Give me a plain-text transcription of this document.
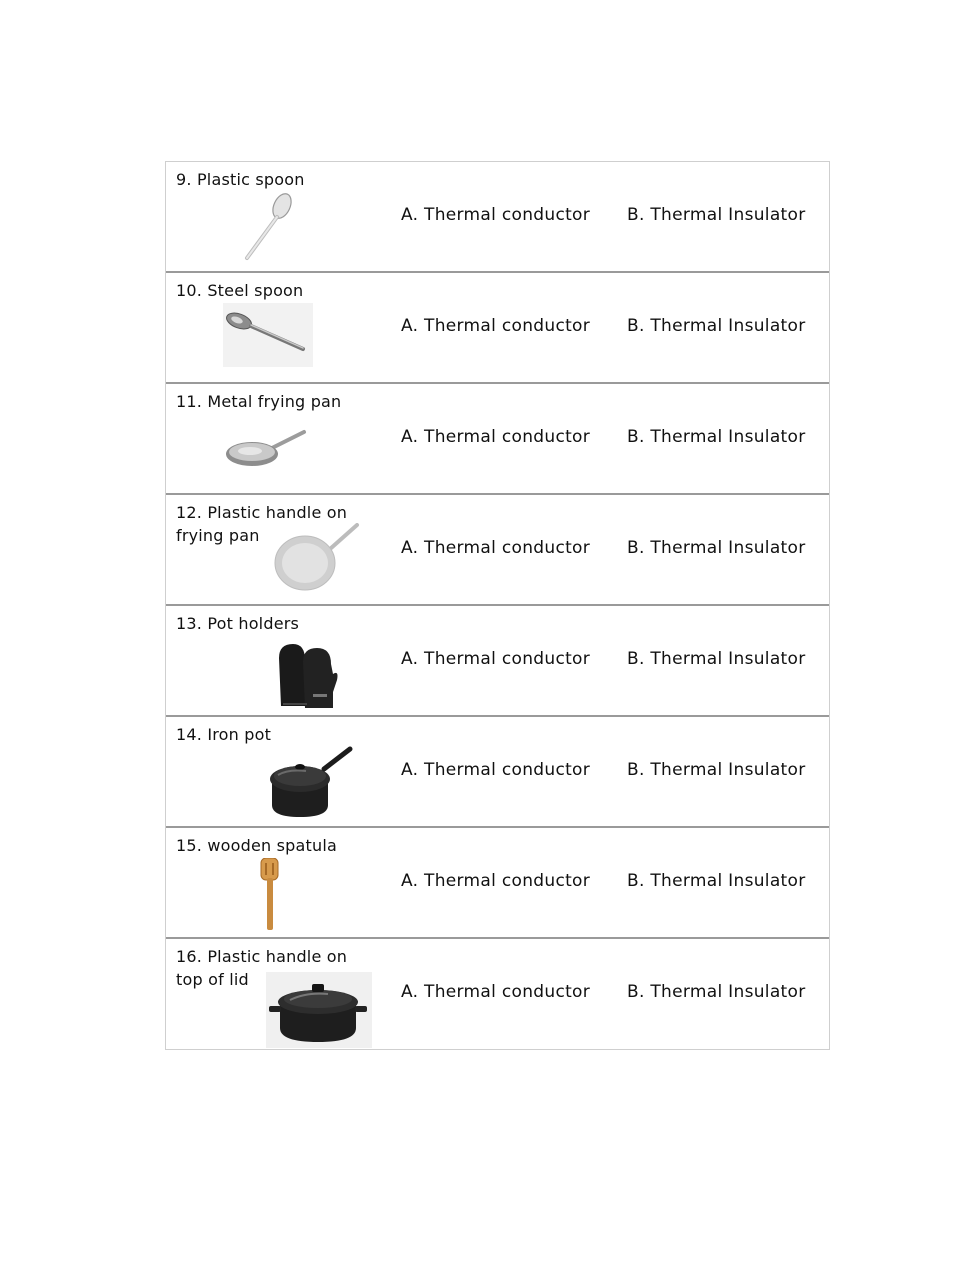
9. Plastic spoon
A. Thermal conductor B. Thermal Insulator
10. Steel spoon
A. Thermal conductor B. Thermal Insulator
11. Metal frying pan
A. Thermal conductor B. Thermal Insulator
12. Plastic handle on frying pan
A. Thermal conductor B. Thermal Insulator
13. Pot holders
A. Thermal conductor B. Thermal Insulator
14. Iron pot
A. Thermal conductor B. Thermal Insulator
15. wooden spatula
A. Thermal conductor B. Thermal Insulator
16. Plastic handle on top of lid
A. Thermal conductor B. Thermal Insulator
